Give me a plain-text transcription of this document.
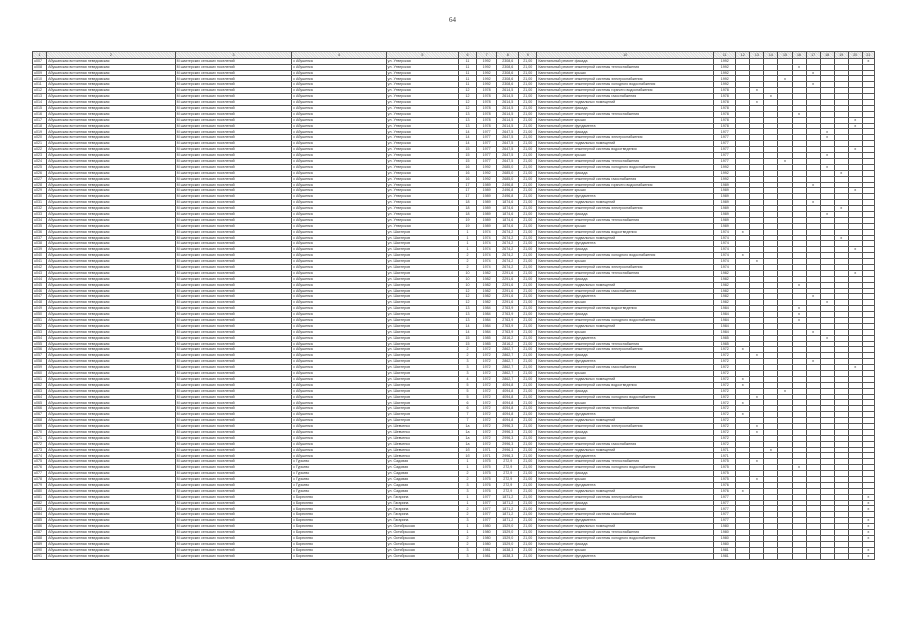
64
1	2	3	4	5	6	7	8	9	10	11	12	13	14	15	16	17	18	19	20	21
u007	Абушанская вотчинная неведомская	М шахтерских сельских поселений	с Абушенка	ул. Утверская	11	1992	2308,6	21,00	Капитальный ремонт фасада	1992										х
u008	Абушанская вотчинная неведомская	М шахтерских сельских поселений	с Абушенка	ул. Утверская	11	1992	2308,6	21,00	Капитальный ремонт инженерной системы теплоснабжения	1992					х					
u009	Абушанская вотчинная неведомская	М шахтерских сельских поселений	с Абушенка	ул. Утверская	11	1992	2308,6	21,00	Капитальный ремонт крыши	1992						х				
u010	Абушанская вотчинная неведомская	М шахтерских сельских поселений	с Абушенка	ул. Утверская	11	1992	2308,6	21,00	Капитальный ремонт инженерной системы электроснабжения	1992				х						
u011	Абушанская вотчинная неведомская	М шахтерских сельских поселений	с Абушенка	ул. Утверская	11	1992	2308,6	21,00	Капитальный ремонт инженерной системы холодного водоснабжения	1992						х				
u012	Абушанская вотчинная неведомская	М шахтерских сельских поселений	с Абушенка	ул. Утверская	12	1978	2614,5	21,00	Капитальный ремонт инженерной системы горячего водоснабжения	1978		х								
u013	Абушанская вотчинная неведомская	М шахтерских сельских поселений	с Абушенка	ул. Утверская	12	1978	2614,5	21,00	Капитальный ремонт инженерной системы газоснабжения	1978			х							
u014	Абушанская вотчинная неведомская	М шахтерских сельских поселений	с Абушенка	ул. Утверская	12	1978	2614,5	21,00	Капитальный ремонт подвальных помещений	1978		х								
u015	Абушанская вотчинная неведомская	М шахтерских сельских поселений	с Абушенка	ул. Утверская	12	1978	2614,5	21,00	Капитальный ремонт фасада	1978										
u016	Абушанская вотчинная неведомская	М шахтерских сельских поселений	с Абушенка	ул. Утверская	13	1978	2614,5	21,00	Капитальный ремонт инженерной системы теплоснабжения	1978					х					
u017	Абушанская вотчинная неведомская	М шахтерских сельских поселений	с Абушенка	ул. Утверская	13	1978	2614,5	21,00	Капитальный ремонт крыши	1978									х	
u018	Абушанская вотчинная неведомская	М шахтерских сельских поселений	с Абушенка	ул. Утверская	13	1978	2614,5	21,00	Капитальный ремонт фундамента	1978									х	
u019	Абушанская вотчинная неведомская	М шахтерских сельских поселений	с Абушенка	ул. Утверская	14	1977	2647,5	21,00	Капитальный ремонт фасада	1977							х			
u020	Абушанская вотчинная неведомская	М шахтерских сельских поселений	с Абушенка	ул. Утверская	14	1977	2647,5	21,00	Капитальный ремонт инженерной системы электроснабжения	1977							х			
u021	Абушанская вотчинная неведомская	М шахтерских сельских поселений	с Абушенка	ул. Утверская	14	1977	2647,5	21,00	Капитальный ремонт подвальных помещений	1977										
u022	Абушанская вотчинная неведомская	М шахтерских сельских поселений	с Абушенка	ул. Утверская	15	1977	2647,5	21,00	Капитальный ремонт инженерной системы водоотведения	1977									х	
u023	Абушанская вотчинная неведомская	М шахтерских сельских поселений	с Абушенка	ул. Утверская	15	1977	2647,5	21,00	Капитальный ремонт крыши	1977							х			
u024	Абушанская вотчинная неведомская	М шахтерских сельских поселений	с Абушенка	ул. Утверская	15	1977	2647,5	21,00	Капитальный ремонт инженерной системы теплоснабжения	1977				х						
u025	Абушанская вотчинная неведомская	М шахтерских сельских поселений	с Абушенка	ул. Утверская	16	1992	2685,0	21,00	Капитальный ремонт инженерной системы холодного водоснабжения	1992							х			
u026	Абушанская вотчинная неведомская	М шахтерских сельских поселений	с Абушенка	ул. Утверская	16	1992	2685,0	21,00	Капитальный ремонт фасада	1992								х		
u027	Абушанская вотчинная неведомская	М шахтерских сельских поселений	с Абушенка	ул. Утверская	16	1992	2685,0	21,00	Капитальный ремонт инженерной системы газоснабжения	1992										
u028	Абушанская вотчинная неведомская	М шахтерских сельских поселений	с Абушенка	ул. Утверская	17	1989	2496,8	21,00	Капитальный ремонт инженерной системы горячего водоснабжения	1989						х				
u029	Абушанская вотчинная неведомская	М шахтерских сельских поселений	с Абушенка	ул. Утверская	17	1989	2496,8	21,00	Капитальный ремонт крыши	1989									х	
u030	Абушанская вотчинная неведомская	М шахтерских сельских поселений	с Абушенка	ул. Утверская	17	1989	2496,8	21,00	Капитальный ремонт фундамента	1989										
u031	Абушанская вотчинная неведомская	М шахтерских сельских поселений	с Абушенка	ул. Утверская	18	1989	1874,6	21,00	Капитальный ремонт подвальных помещений	1989						х				
u032	Абушанская вотчинная неведомская	М шахтерских сельских поселений	с Абушенка	ул. Утверская	18	1989	1874,6	21,00	Капитальный ремонт инженерной системы электроснабжения	1989								х		
u033	Абушанская вотчинная неведомская	М шахтерских сельских поселений	с Абушенка	ул. Утверская	18	1989	1874,6	21,00	Капитальный ремонт фасада	1989							х			
u034	Абушанская вотчинная неведомская	М шахтерских сельских поселений	с Абушенка	ул. Утверская	19	1989	1874,6	21,00	Капитальный ремонт инженерной системы теплоснабжения	1989										
u035	Абушанская вотчинная неведомская	М шахтерских сельских поселений	с Абушенка	ул. Утверская	19	1989	1874,6	21,00	Капитальный ремонт крыши	1989										
u036	Абушанская вотчинная неведомская	М шахтерских сельских поселений	с Абушенка	ул. Шахтеров	1	1974	2674,2	21,00	Капитальный ремонт инженерной системы водоотведения	1974	х									
u037	Абушанская вотчинная неведомская	М шахтерских сельских поселений	с Абушенка	ул. Шахтеров	1	1974	2674,2	21,00	Капитальный ремонт подвальных помещений	1974								х		
u038	Абушанская вотчинная неведомская	М шахтерских сельских поселений	с Абушенка	ул. Шахтеров	1	1974	2674,2	21,00	Капитальный ремонт фундамента	1974										
u039	Абушанская вотчинная неведомская	М шахтерских сельских поселений	с Абушенка	ул. Шахтеров	1	1974	2674,2	21,00	Капитальный ремонт фасада	1974									х	
u040	Абушанская вотчинная неведомская	М шахтерских сельских поселений	с Абушенка	ул. Шахтеров	2	1974	2674,2	21,00	Капитальный ремонт инженерной системы холодного водоснабжения	1974	х									
u041	Абушанская вотчинная неведомская	М шахтерских сельских поселений	с Абушенка	ул. Шахтеров	2	1974	2674,2	21,00	Капитальный ремонт крыши	1974		х								
u042	Абушанская вотчинная неведомская	М шахтерских сельских поселений	с Абушенка	ул. Шахтеров	2	1974	2674,2	21,00	Капитальный ремонт инженерной системы электроснабжения	1974										
u043	Абушанская вотчинная неведомская	М шахтерских сельских поселений	с Абушенка	ул. Шахтеров	10	1982	2291,6	21,00	Капитальный ремонт инженерной системы теплоснабжения	1982									х	
u044	Абушанская вотчинная неведомская	М шахтерских сельских поселений	с Абушенка	ул. Шахтеров	10	1982	2291,6	21,00	Капитальный ремонт фасада	1982										
u045	Абушанская вотчинная неведомская	М шахтерских сельских поселений	с Абушенка	ул. Шахтеров	10	1982	2291,6	21,00	Капитальный ремонт подвальных помещений	1982					х					
u046	Абушанская вотчинная неведомская	М шахтерских сельских поселений	с Абушенка	ул. Шахтеров	12	1982	2291,6	21,00	Капитальный ремонт инженерной системы газоснабжения	1982										
u047	Абушанская вотчинная неведомская	М шахтерских сельских поселений	с Абушенка	ул. Шахтеров	12	1982	2291,6	21,00	Капитальный ремонт фундамента	1982						х				
u048	Абушанская вотчинная неведомская	М шахтерских сельских поселений	с Абушенка	ул. Шахтеров	12	1982	2291,6	21,00	Капитальный ремонт крыши	1982							х			
u049	Абушанская вотчинная неведомская	М шахтерских сельских поселений	с Абушенка	ул. Шахтеров	13	1984	2763,9	21,00	Капитальный ремонт инженерной системы водоотведения	1984					х					
u050	Абушанская вотчинная неведомская	М шахтерских сельских поселений	с Абушенка	ул. Шахтеров	13	1984	2763,9	21,00	Капитальный ремонт фасада	1984					х					
u051	Абушанская вотчинная неведомская	М шахтерских сельских поселений	с Абушенка	ул. Шахтеров	13	1984	2763,9	21,00	Капитальный ремонт инженерной системы холодного водоснабжения	1984					х					
u052	Абушанская вотчинная неведомская	М шахтерских сельских поселений	с Абушенка	ул. Шахтеров	14	1984	2763,9	21,00	Капитальный ремонт подвальных помещений	1984										
u053	Абушанская вотчинная неведомская	М шахтерских сельских поселений	с Абушенка	ул. Шахтеров	14	1984	2763,9	21,00	Капитальный ремонт крыши	1984						х				
u054	Абушанская вотчинная неведомская	М шахтерских сельских поселений	с Абушенка	ул. Шахтеров	15	1985	2816,2	21,00	Капитальный ремонт фундамента	1985							х			
u055	Абушанская вотчинная неведомская	М шахтерских сельских поселений	с Абушенка	ул. Шахтеров	15	1985	2816,2	21,00	Капитальный ремонт инженерной системы теплоснабжения	1985										
u056	Абушанская вотчинная неведомская	М шахтерских сельских поселений	с Абушенка	ул. Шахтеров	2	1972	2862,7	21,00	Капитальный ремонт инженерной системы электроснабжения	1972	х									
u057	Абушанская вотчинная неведомская	М шахтерских сельских поселений	с Абушенка	ул. Шахтеров	2	1972	2862,7	21,00	Капитальный ремонт фасада	1972		х								
u058	Абушанская вотчинная неведомская	М шахтерских сельских поселений	с Абушенка	ул. Шахтеров	3	1972	2862,7	21,00	Капитальный ремонт фундамента	1972						х				
u059	Абушанская вотчинная неведомская	М шахтерских сельских поселений	с Абушенка	ул. Шахтеров	3	1972	2862,7	21,00	Капитальный ремонт инженерной системы газоснабжения	1972									х	
u060	Абушанская вотчинная неведомская	М шахтерских сельских поселений	с Абушенка	ул. Шахтеров	3	1972	2862,7	21,00	Капитальный ремонт крыши	1972										
u061	Абушанская вотчинная неведомская	М шахтерских сельских поселений	с Абушенка	ул. Шахтеров	4	1972	2862,7	21,00	Капитальный ремонт подвальных помещений	1972	х									
u062	Абушанская вотчинная неведомская	М шахтерских сельских поселений	с Абушенка	ул. Шахтеров	5	1972	4094,8	21,00	Капитальный ремонт инженерной системы водоотведения	1972	х									
u063	Абушанская вотчинная неведомская	М шахтерских сельских поселений	с Абушенка	ул. Шахтеров	5	1972	4094,8	21,00	Капитальный ремонт фасада	1972				х						
u064	Абушанская вотчинная неведомская	М шахтерских сельских поселений	с Абушенка	ул. Шахтеров	5	1972	4094,8	21,00	Капитальный ремонт инженерной системы холодного водоснабжения	1972		х								
u065	Абушанская вотчинная неведомская	М шахтерских сельских поселений	с Абушенка	ул. Шахтеров	6	1972	4094,8	21,00	Капитальный ремонт крыши	1972	х									
u066	Абушанская вотчинная неведомская	М шахтерских сельских поселений	с Абушенка	ул. Шахтеров	6	1972	4094,8	21,00	Капитальный ремонт инженерной системы теплоснабжения	1972										
u067	Абушанская вотчинная неведомская	М шахтерских сельских поселений	с Абушенка	ул. Шахтеров	7	1972	4094,8	21,00	Капитальный ремонт фундамента	1972	х									
u068	Абушанская вотчинная неведомская	М шахтерских сельских поселений	с Абушенка	ул. Шахтеров	7	1972	4094,8	21,00	Капитальный ремонт подвальных помещений	1972										
u069	Абушанская вотчинная неведомская	М шахтерских сельских поселений	с Абушенка	ул. Шевченко	1а	1972	2996,3	21,00	Капитальный ремонт инженерной системы электроснабжения	1972		х								
u070	Абушанская вотчинная неведомская	М шахтерских сельских поселений	с Абушенка	ул. Шевченко	1а	1972	2996,3	21,00	Капитальный ремонт фасада	1972		х								
u071	Абушанская вотчинная неведомская	М шахтерских сельских поселений	с Абушенка	ул. Шевченко	1а	1972	2996,3	21,00	Капитальный ремонт крыши	1972										
u072	Абушанская вотчинная неведомская	М шахтерских сельских поселений	с Абушенка	ул. Шевченко	1а	1972	2996,3	21,00	Капитальный ремонт инженерной системы газоснабжения	1972										
u073	Абушанская вотчинная неведомская	М шахтерских сельских поселений	с Абушенка	ул. Шевченко	1б	1971	2996,3	21,00	Капитальный ремонт подвальных помещений	1971			х							
u074	Абушанская вотчинная неведомская	М шахтерских сельских поселений	с Абушенка	ул. Шевченко	1б	1971	2996,3	21,00	Капитальный ремонт фундамента	1971										
u075	Абушанская вотчинная неведомская	М шахтерских сельских поселений	с Гурьево	ул. Садовая	1	1975	272,9	21,00	Капитальный ремонт инженерной системы теплоснабжения	1975		х								
u076	Абушанская вотчинная неведомская	М шахтерских сельских поселений	с Гурьево	ул. Садовая	1	1975	272,9	21,00	Капитальный ремонт инженерной системы холодного водоснабжения	1975					х					
u077	Абушанская вотчинная неведомская	М шахтерских сельских поселений	с Гурьево	ул. Садовая	2	1975	272,9	21,00	Капитальный ремонт фасада	1975										
u078	Абушанская вотчинная неведомская	М шахтерских сельских поселений	с Гурьево	ул. Садовая	2	1975	272,9	21,00	Капитальный ремонт крыши	1975		х								
u079	Абушанская вотчинная неведомская	М шахтерских сельских поселений	с Гурьево	ул. Садовая	3	1976	272,9	21,00	Капитальный ремонт фундамента	1976										
u080	Абушанская вотчинная неведомская	М шахтерских сельских поселений	с Гурьево	ул. Садовая	3	1976	272,9	21,00	Капитальный ремонт подвальных помещений	1976	х									
u081	Абушанская вотчинная неведомская	М шахтерских сельских поселений	с Бирюлево	ул. Гагарина	1	1977	1871,2	21,00	Капитальный ремонт инженерной системы электроснабжения	1977										х
u082	Абушанская вотчинная неведомская	М шахтерских сельских поселений	с Бирюлево	ул. Гагарина	1	1977	1871,2	21,00	Капитальный ремонт фасада	1977										х
u083	Абушанская вотчинная неведомская	М шахтерских сельских поселений	с Бирюлево	ул. Гагарина	2	1977	1871,2	21,00	Капитальный ремонт крыши	1977										х
u084	Абушанская вотчинная неведомская	М шахтерских сельских поселений	с Бирюлево	ул. Гагарина	2	1977	1871,2	21,00	Капитальный ремонт инженерной системы газоснабжения	1977										
u085	Абушанская вотчинная неведомская	М шахтерских сельских поселений	с Бирюлево	ул. Гагарина	3	1977	1871,2	21,00	Капитальный ремонт фундамента	1977										х
u086	Абушанская вотчинная неведомская	М шахтерских сельских поселений	с Бирюлево	ул. Октябрьская	1	1980	1529,0	21,00	Капитальный ремонт подвальных помещений	1980										х
u087	Абушанская вотчинная неведомская	М шахтерских сельских поселений	с Бирюлево	ул. Октябрьская	1	1980	1529,0	21,00	Капитальный ремонт инженерной системы теплоснабжения	1980										х
u088	Абушанская вотчинная неведомская	М шахтерских сельских поселений	с Бирюлево	ул. Октябрьская	2	1980	1529,0	21,00	Капитальный ремонт инженерной системы холодного водоснабжения	1980										х
u089	Абушанская вотчинная неведомская	М шахтерских сельских поселений	с Бирюлево	ул. Октябрьская	2	1980	1529,0	21,00	Капитальный ремонт фасада	1980										
u090	Абушанская вотчинная неведомская	М шахтерских сельских поселений	с Бирюлево	ул. Октябрьская	3	1981	1638,3	21,00	Капитальный ремонт крыши	1981										х
u091	Абушанская вотчинная неведомская	М шахтерских сельских поселений	с Бирюлево	ул. Октябрьская	3	1981	1638,3	21,00	Капитальный ремонт фундамента	1981										х
